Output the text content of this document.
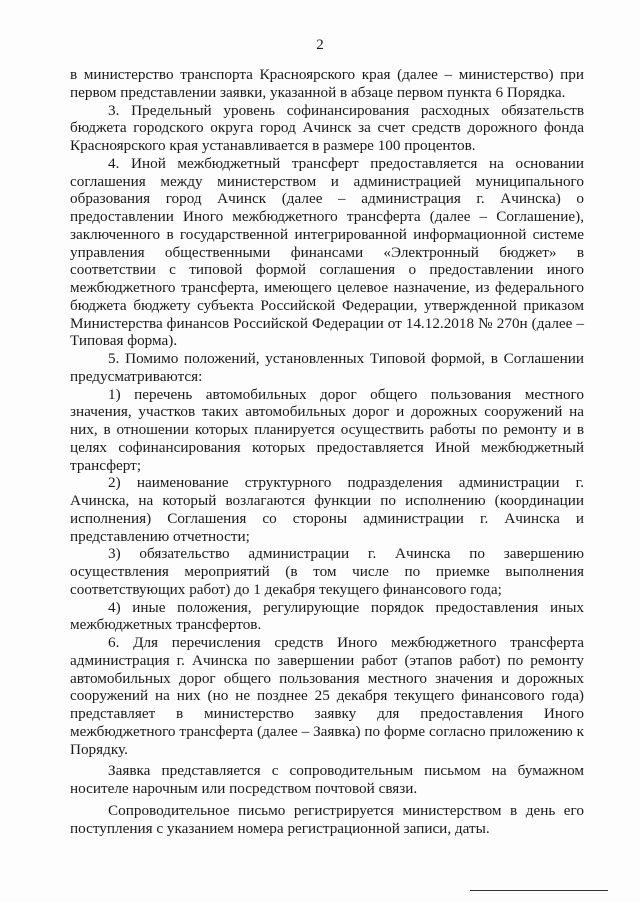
2

в министерство транспорта Красноярского края (далее – министерство) при первом представлении заявки, указанной в абзаце первом пункта 6 Порядка.

3. Предельный уровень софинансирования расходных обязательств бюджета городского округа город Ачинск за счет средств дорожного фонда Красноярского края устанавливается в размере 100 процентов.

4. Иной межбюджетный трансферт предоставляется на основании соглашения между министерством и администрацией муниципального образования город Ачинск (далее – администрация г. Ачинска) о предоставлении Иного межбюджетного трансферта (далее – Соглашение), заключенного в государственной интегрированной информационной системе управления общественными финансами «Электронный бюджет» в соответствии с типовой формой соглашения о предоставлении иного межбюджетного трансферта, имеющего целевое назначение, из федерального бюджета бюджету субъекта Российской Федерации, утвержденной приказом Министерства финансов Российской Федерации от 14.12.2018 № 270н (далее – Типовая форма).

5. Помимо положений, установленных Типовой формой, в Соглашении предусматриваются:

1) перечень автомобильных дорог общего пользования местного значения, участков таких автомобильных дорог и дорожных сооружений на них, в отношении которых планируется осуществить работы по ремонту и в целях софинансирования которых предоставляется Иной межбюджетный трансферт;

2) наименование структурного подразделения администрации г. Ачинска, на который возлагаются функции по исполнению (координации исполнения) Соглашения со стороны администрации г. Ачинска и представлению отчетности;

3) обязательство администрации г. Ачинска по завершению осуществления мероприятий (в том числе по приемке выполнения соответствующих работ) до 1 декабря текущего финансового года;

4) иные положения, регулирующие порядок предоставления иных межбюджетных трансфертов.

6. Для перечисления средств Иного межбюджетного трансферта администрация г. Ачинска по завершении работ (этапов работ) по ремонту автомобильных дорог общего пользования местного значения и дорожных сооружений на них (но не позднее 25 декабря текущего финансового года) представляет в министерство заявку для предоставления Иного межбюджетного трансферта (далее – Заявка) по форме согласно приложению к Порядку.

Заявка представляется с сопроводительным письмом на бумажном носителе нарочным или посредством почтовой связи.

Сопроводительное письмо регистрируется министерством в день его поступления с указанием номера регистрационной записи, даты.
